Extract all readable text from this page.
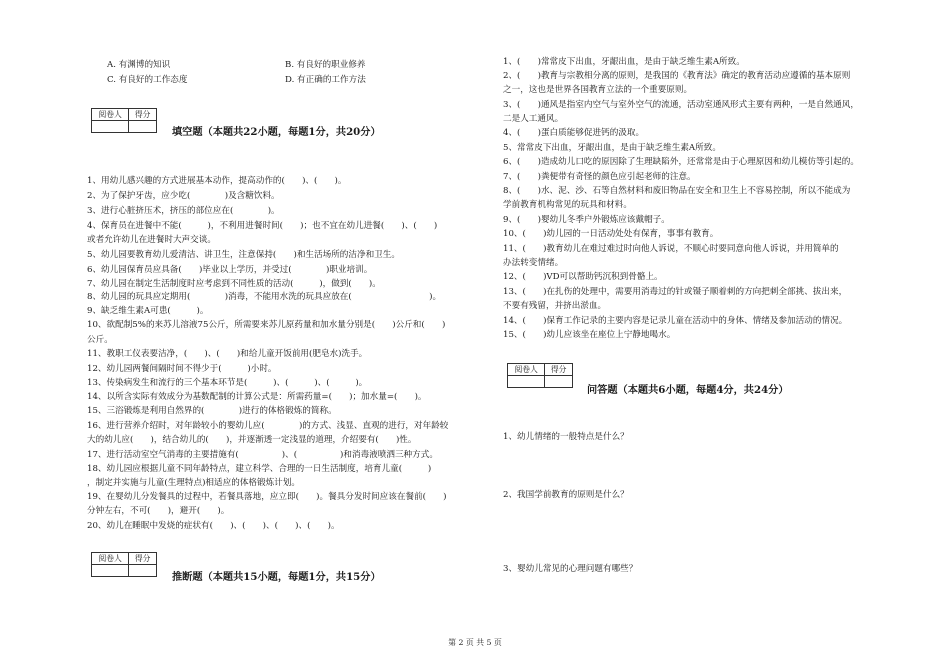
A. 有渊博的知识	B. 有良好的职业修养
C. 有良好的工作态度	D. 有正确的工作方法
阅卷人	得分

填空题（本题共22小题，每题1分，共20分）
1、用幼儿感兴趣的方式进展基本动作，提高动作的(　　)、(　　)。
2、为了保护牙齿，应少吃(　　　　)及含糖饮料。
3、进行心脏挤压术，挤压的部位应在(　　　　)。
4、保育员在进餐中不能(　　　)，不利用进餐时间(　　)；也不宜在幼儿进餐(　　)、(　　)
或者允许幼儿在进餐时大声交谈。
5、幼儿园要教育幼儿爱清洁、讲卫生，注意保持(　　)和生活场所的洁净和卫生。
6、幼儿园保育员应具备(　　)毕业以上学历，并受过(　　　　)职业培训。
7、幼儿园在制定生活制度时应考虑到不同性质的活动(　　　)，做到(　　)。
8、幼儿园的玩具应定期用(　　　　)消毒，不能用水洗的玩具应放在(　　　　　　　　　)。
9、缺乏维生素A可患(　　　)。
10、欲配制5%的来苏儿溶液75公斤，所需要来苏儿原药量和加水量分别是(　　)公斤和(　　)
公斤。
11、教职工仪表要洁净，(　　)、(　　)和给儿童开饭前用(肥皂水)洗手。
12、幼儿园两餐间隔时间不得少于(　　　)小时。
13、传染病发生和流行的三个基本环节是(　　　)、(　　　)、(　　　)。
14、以所含实际有效成分为基数配制的计算公式是：所需药量=(　　)；加水量=(　　)。
15、三浴锻炼是利用自然界的(　　　　)进行的体格锻炼的简称。
16、进行营养介绍时，对年龄较小的婴幼儿应(　　　　)的方式、浅显、直观的进行，对年龄较
大的幼儿应(　　)，结合幼儿的(　　)，并逐渐透一定浅显的道理，介绍要有(　　)性。
17、进行活动室空气消毒的主要措施有(　　　　　)、(　　　　　)和消毒液喷洒三种方式。
18、幼儿园应根据儿童不同年龄特点，建立科学、合理的一日生活制度，培育儿童(　　　)
，制定并实施与儿童(生理特点)相适应的体格锻炼计划。
19、在婴幼儿分发餐具的过程中，若餐具落地，应立即(　　)。餐具分发时间应该在餐前(　　)
分钟左右，不可(　　)，避开(　　)。
20、幼儿在睡眠中发烧的症状有(　　)、(　　)、(　　)、(　　)。
阅卷人	得分

推断题（本题共15小题，每题1分，共15分）
1、(　　)常常皮下出血，牙龈出血，是由于缺乏维生素A所致。
2、(　　)教育与宗教相分离的原则，是我国的《教育法》确定的教育活动应遵循的基本原则
之一，这也是世界各国教育立法的一个重要原则。
3、(　　)通风是指室内空气与室外空气的流通，活动室通风形式主要有两种，一是自然通风，
二是人工通风。
4、(　　)蛋白质能够促进钙的汲取。
5、常常皮下出血，牙龈出血，是由于缺乏维生素A所致。
6、(　　)造成幼儿口吃的原因除了生理缺陷外，还常常是由于心理原因和幼儿模仿等引起的。
7、(　　)粪便带有奇怪的颜色应引起老师的注意。
8、(　　)水、泥、沙、石等自然材料和废旧物品在安全和卫生上不容易控制，所以不能成为
学前教育机构常见的玩具和材料。
9、(　　)婴幼儿冬季户外锻炼应该戴帽子。
10、(　　)幼儿园的一日活动处处有保育，事事有教育。
11、(　　)教育幼儿在难过难过时向他人诉说，不顺心时要同意向他人诉说，并用简单的
办法转变情绪。
12、(　　)VD可以帮助钙沉积到骨骼上。
13、(　　)在扎伤的处理中，需要用消毒过的针或镊子顺着刺的方向把刺全部挑、拔出来，
不要有残留，并挤出淤血。
14、(　　)保育工作记录的主要内容是记录儿童在活动中的身体、情绪及参加活动的情况。
15、(　　)幼儿应该坐在座位上宁静地喝水。
阅卷人	得分

问答题（本题共6小题，每题4分，共24分）
1、幼儿情绪的一般特点是什么？
2、我国学前教育的原则是什么？
3、婴幼儿常见的心理问题有哪些？
第 2 页 共 5 页
